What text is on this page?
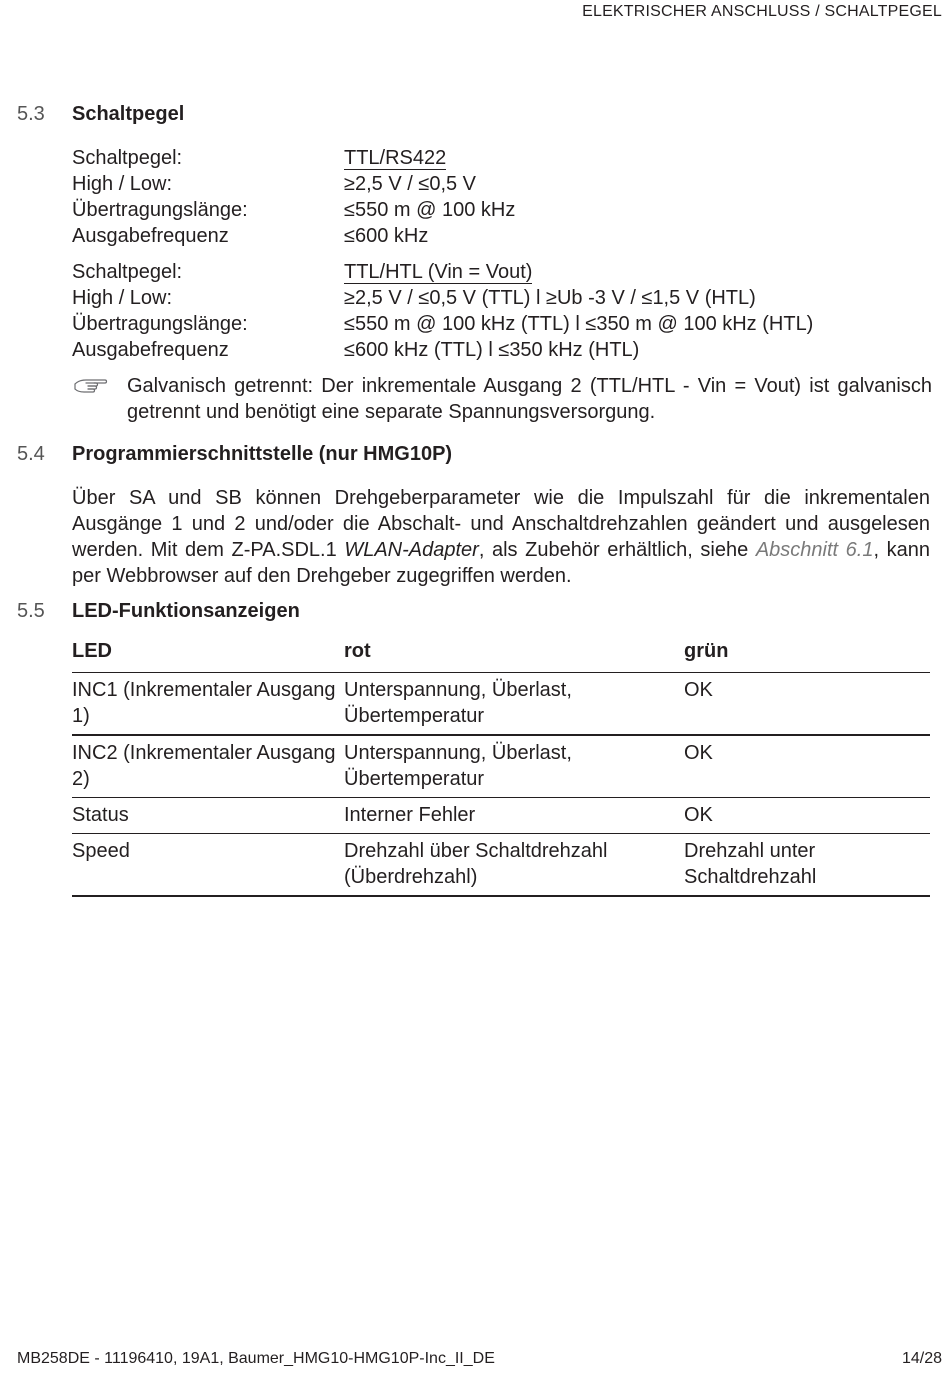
ELEKTRISCHER ANSCHLUSS / SCHALTPEGEL
5.3 Schaltpegel
Schaltpegel:	TTL/RS422
High / Low:	≥2,5 V / ≤0,5 V
Übertragungslänge:	≤550 m @ 100 kHz
Ausgabefrequenz	≤600 kHz
Schaltpegel:	TTL/HTL (Vin = Vout)
High / Low:	≥2,5 V / ≤0,5 V (TTL) l ≥Ub -3 V / ≤1,5 V (HTL)
Übertragungslänge:	≤550 m @ 100 kHz (TTL) l ≤350 m @ 100 kHz (HTL)
Ausgabefrequenz	≤600 kHz (TTL) l ≤350 kHz (HTL)
Galvanisch getrennt: Der inkrementale Ausgang 2 (TTL/HTL - Vin = Vout) ist galvanisch getrennt und benötigt eine separate Spannungsversorgung.
5.4 Programmierschnittstelle (nur HMG10P)
Über SA und SB können Drehgeberparameter wie die Impulszahl für die inkrementalen Ausgänge 1 und 2 und/oder die Abschalt- und Anschaltdrehzahlen geändert und ausgelesen werden. Mit dem Z-PA.SDL.1 WLAN-Adapter, als Zubehör erhältlich, siehe Abschnitt 6.1, kann per Webbrowser auf den Drehgeber zugegriffen werden.
5.5 LED-Funktionsanzeigen
LED	rot	grün
INC1 (Inkrementaler Ausgang 1)	Unterspannung, Überlast, Übertemperatur	OK
INC2 (Inkrementaler Ausgang 2)	Unterspannung, Überlast, Übertemperatur	OK
Status	Interner Fehler	OK
Speed	Drehzahl über Schaltdrehzahl (Überdrehzahl)	Drehzahl unter Schaltdrehzahl
MB258DE - 11196410, 19A1, Baumer_HMG10-HMG10P-Inc_II_DE	14/28
